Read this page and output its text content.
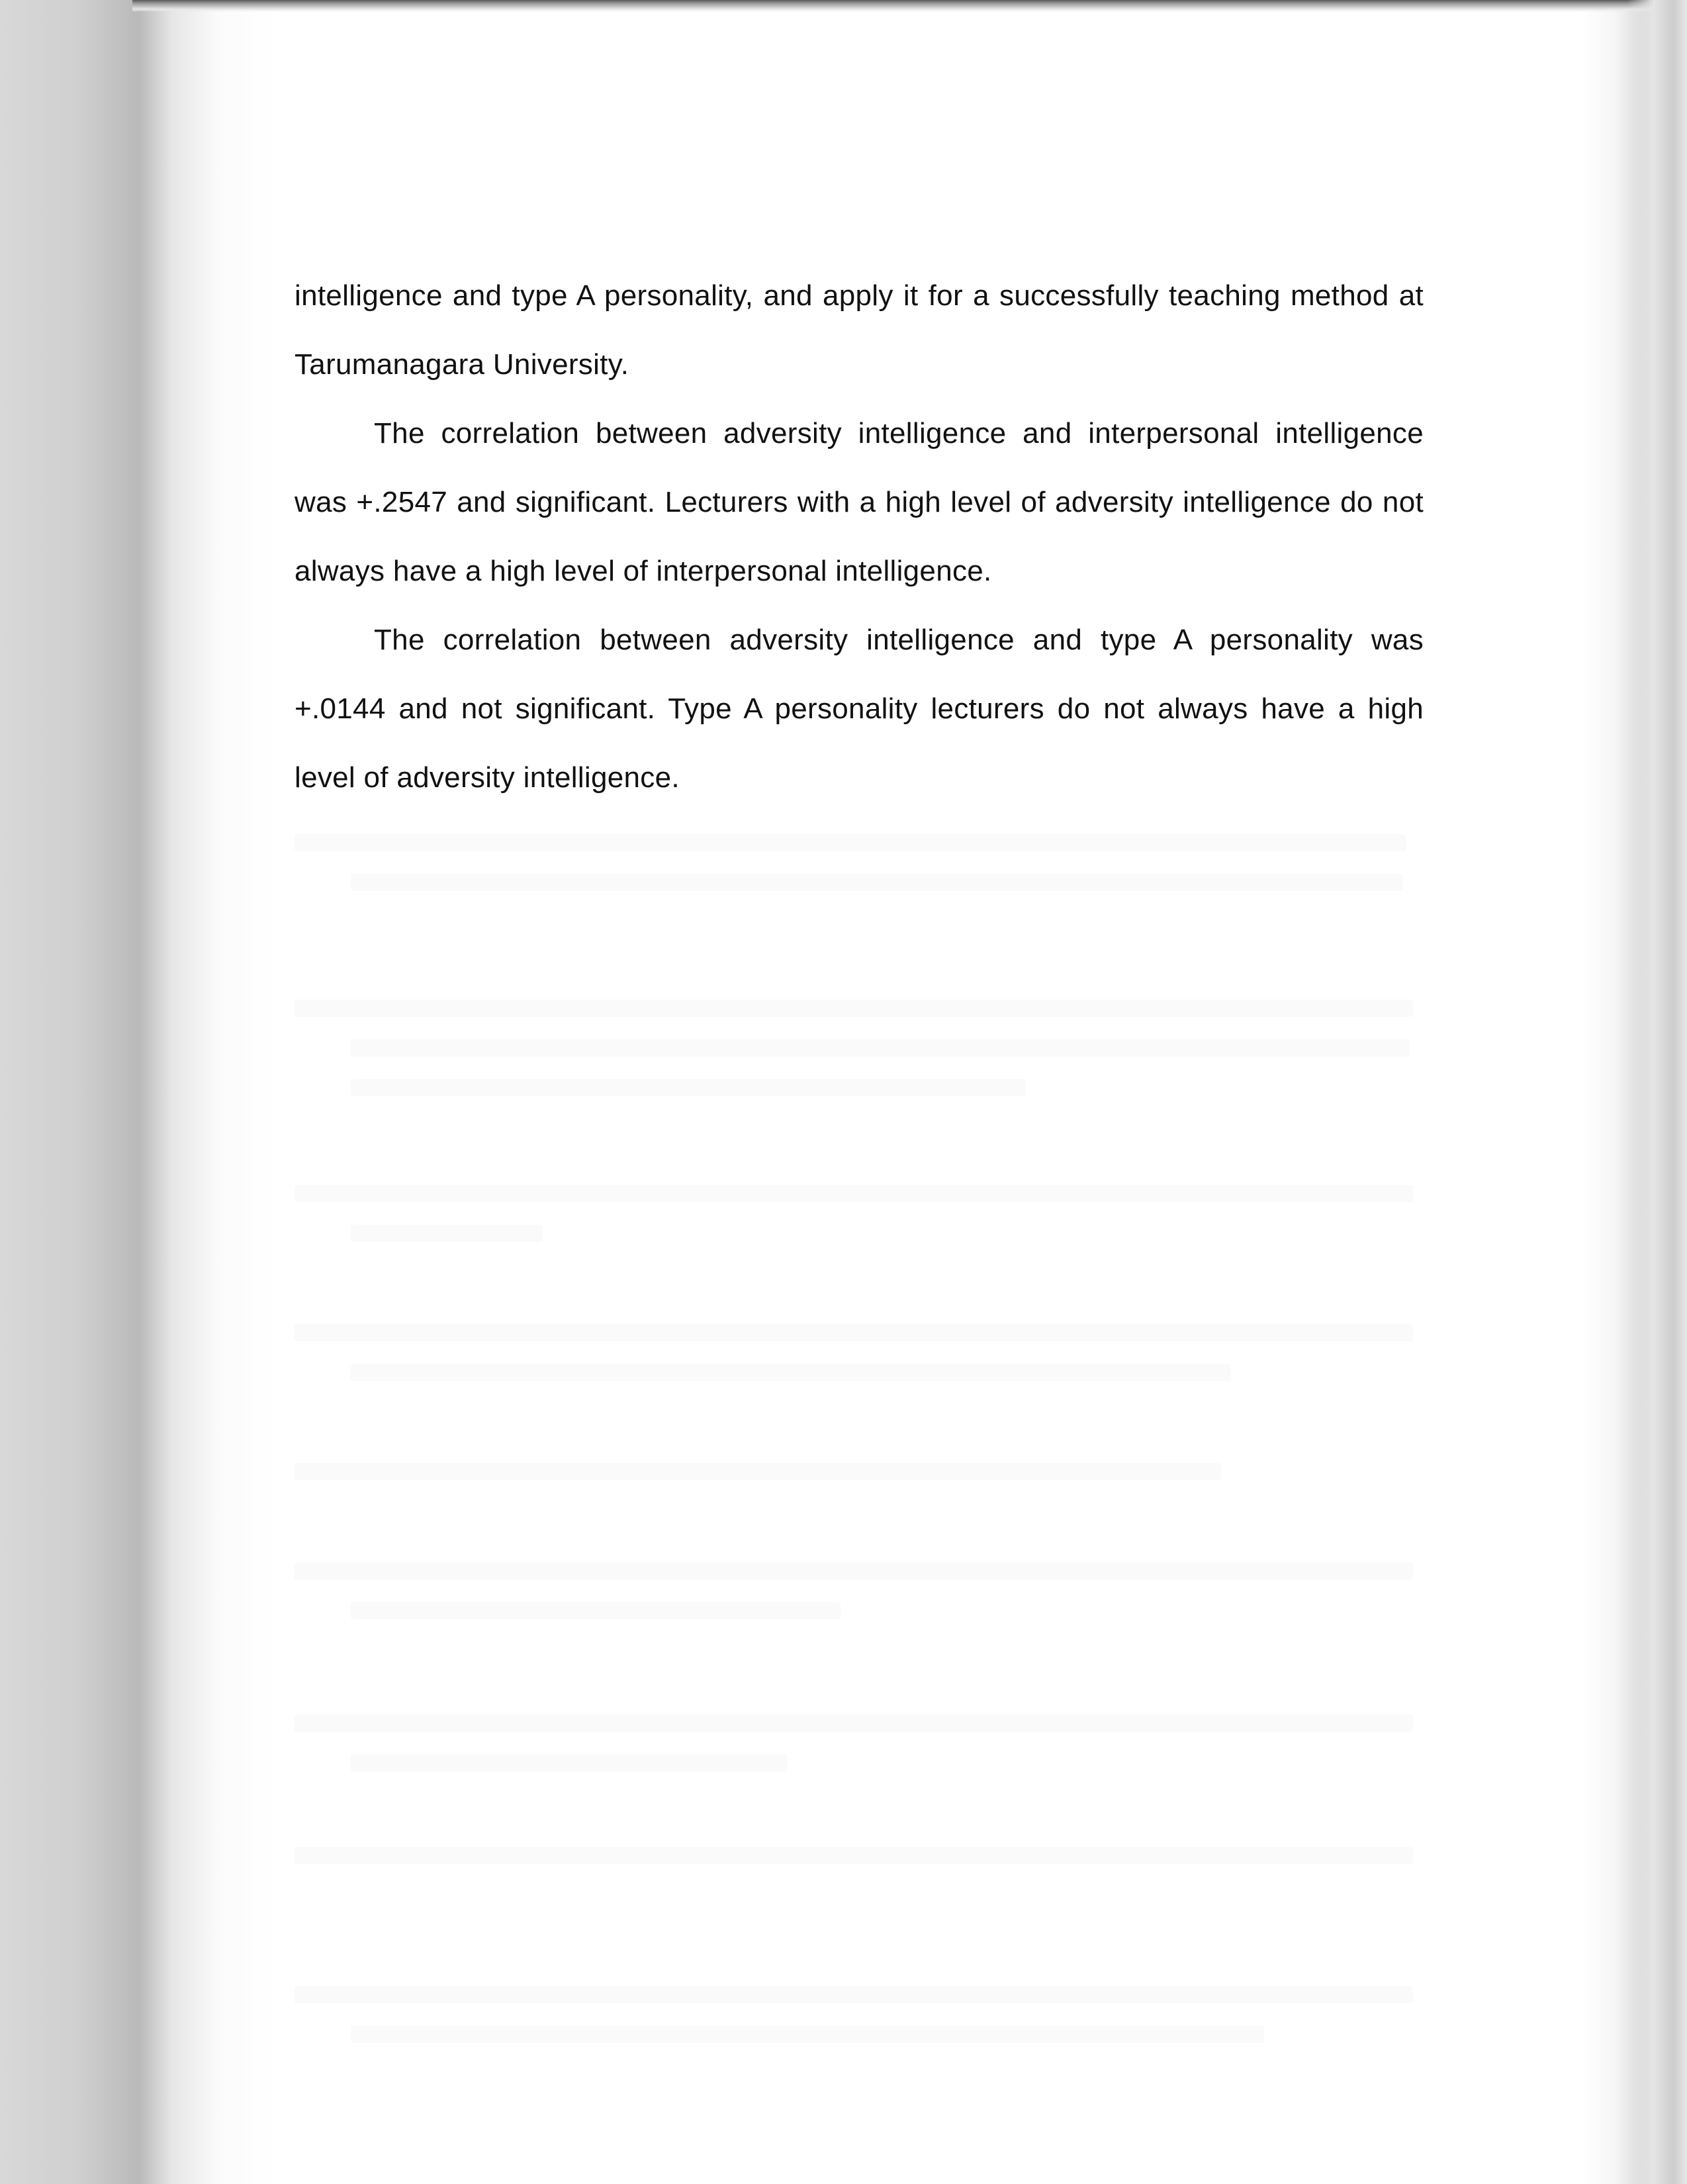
intelligence and type A personality, and apply it for a successfully teaching method at Tarumanagara University.

The correlation between adversity intelligence and interpersonal intelligence was +.2547 and significant. Lecturers with a high level of adversity intelligence do not always have a high level of interpersonal intelligence.

The correlation between adversity intelligence and type A personality was +.0144 and not significant. Type A personality lecturers do not always have a high level of adversity intelligence.
